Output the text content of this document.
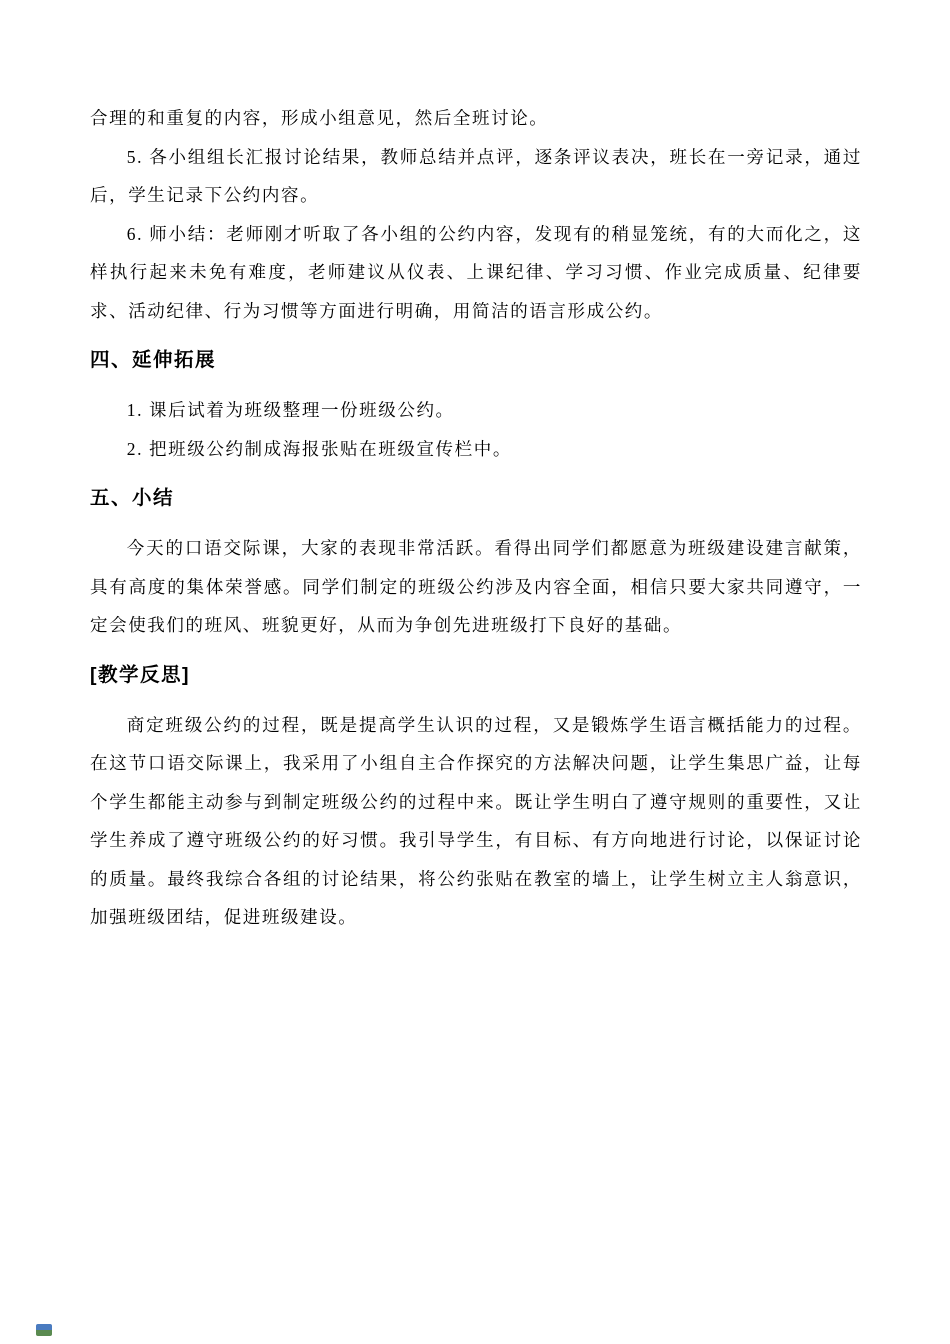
合理的和重复的内容，形成小组意见，然后全班讨论。

5. 各小组组长汇报讨论结果，教师总结并点评，逐条评议表决，班长在一旁记录，通过后，学生记录下公约内容。

6. 师小结：老师刚才听取了各小组的公约内容，发现有的稍显笼统，有的大而化之，这样执行起来未免有难度，老师建议从仪表、上课纪律、学习习惯、作业完成质量、纪律要求、活动纪律、行为习惯等方面进行明确，用简洁的语言形成公约。

四、延伸拓展

1. 课后试着为班级整理一份班级公约。

2. 把班级公约制成海报张贴在班级宣传栏中。

五、小结

今天的口语交际课，大家的表现非常活跃。看得出同学们都愿意为班级建设建言献策，具有高度的集体荣誉感。同学们制定的班级公约涉及内容全面，相信只要大家共同遵守，一定会使我们的班风、班貌更好，从而为争创先进班级打下良好的基础。

[教学反思]

商定班级公约的过程，既是提高学生认识的过程，又是锻炼学生语言概括能力的过程。在这节口语交际课上，我采用了小组自主合作探究的方法解决问题，让学生集思广益，让每个学生都能主动参与到制定班级公约的过程中来。既让学生明白了遵守规则的重要性，又让学生养成了遵守班级公约的好习惯。我引导学生，有目标、有方向地进行讨论，以保证讨论的质量。最终我综合各组的讨论结果，将公约张贴在教室的墙上，让学生树立主人翁意识，加强班级团结，促进班级建设。
